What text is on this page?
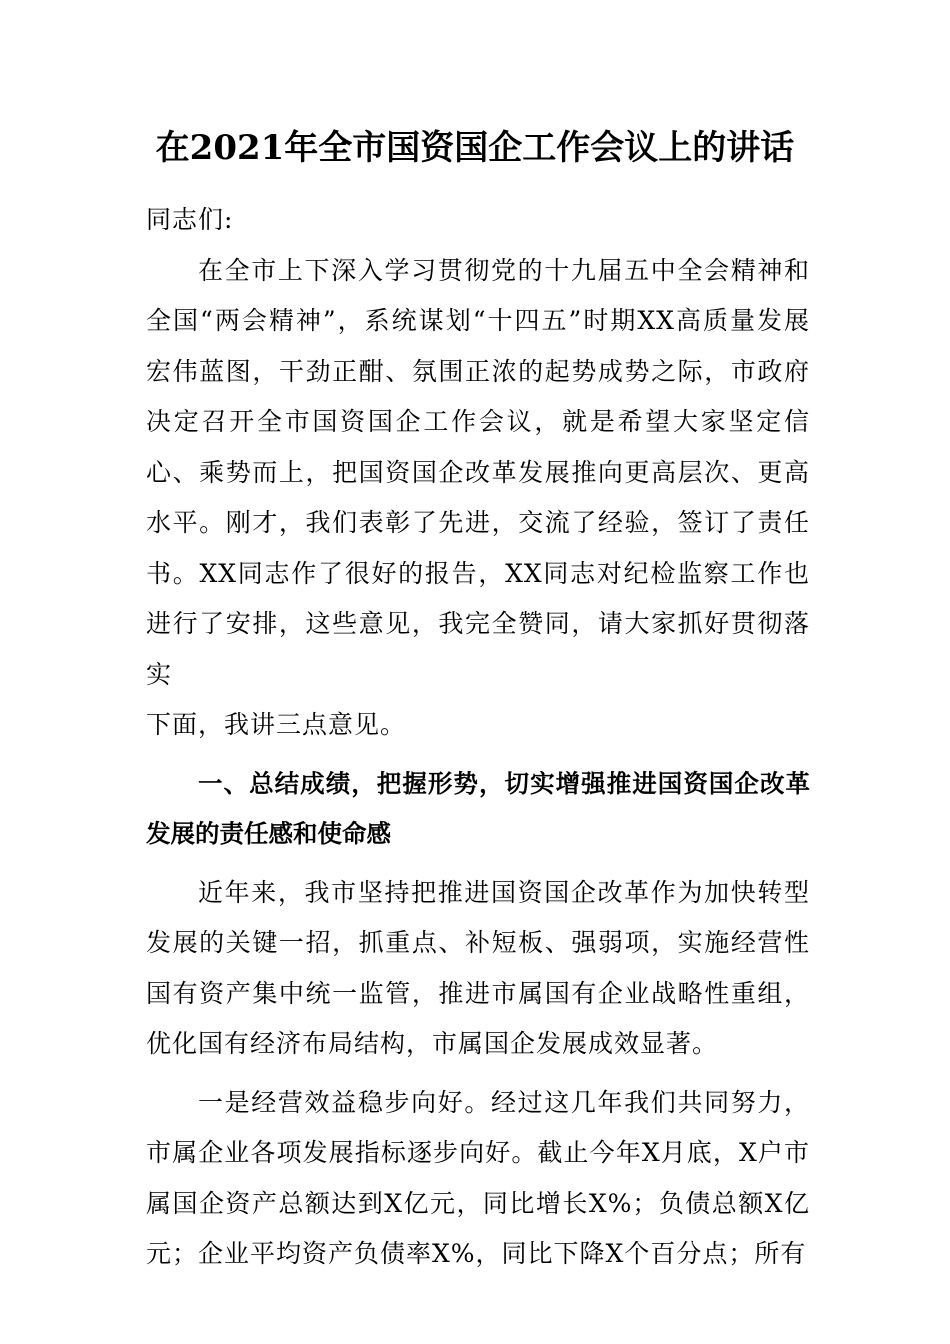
在2021年全市国资国企工作会议上的讲话

同志们:

在全市上下深入学习贯彻党的十九届五中全会精神和全国“两会精神”，系统谋划“十四五”时期XX高质量发展宏伟蓝图，干劲正酣、氛围正浓的起势成势之际，市政府决定召开全市国资国企工作会议，就是希望大家坚定信心、乘势而上，把国资国企改革发展推向更高层次、更高水平。刚才，我们表彰了先进，交流了经验，签订了责任书。XX同志作了很好的报告，XX同志对纪检监察工作也进行了安排，这些意见，我完全赞同，请大家抓好贯彻落实

下面，我讲三点意见。

一、总结成绩，把握形势，切实增强推进国资国企改革发展的责任感和使命感

近年来，我市坚持把推进国资国企改革作为加快转型发展的关键一招，抓重点、补短板、强弱项，实施经营性国有资产集中统一监管，推进市属国有企业战略性重组，优化国有经济布局结构，市属国企发展成效显著。

一是经营效益稳步向好。经过这几年我们共同努力，市属企业各项发展指标逐步向好。截止今年X月底，X户市属国企资产总额达到X亿元，同比增长X%；负债总额X亿元；企业平均资产负债率X%，同比下降X个百分点；所有
